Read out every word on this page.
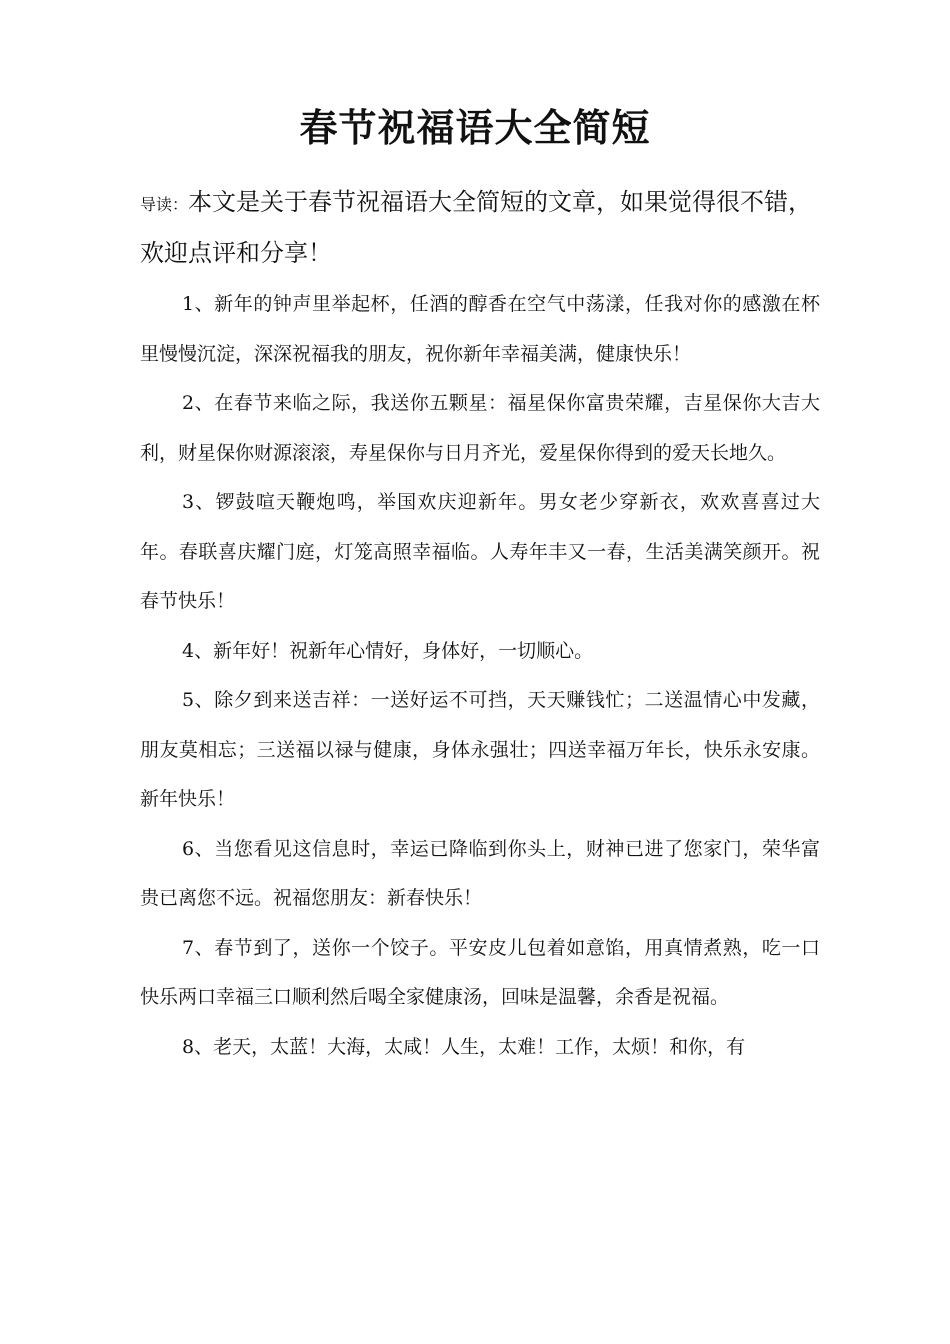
春节祝福语大全简短

导读：本文是关于春节祝福语大全简短的文章，如果觉得很不错，欢迎点评和分享！

1、新年的钟声里举起杯，任酒的醇香在空气中荡漾，任我对你的感激在杯里慢慢沉淀，深深祝福我的朋友，祝你新年幸福美满，健康快乐！

2、在春节来临之际，我送你五颗星：福星保你富贵荣耀，吉星保你大吉大利，财星保你财源滚滚，寿星保你与日月齐光，爱星保你得到的爱天长地久。

3、锣鼓喧天鞭炮鸣，举国欢庆迎新年。男女老少穿新衣，欢欢喜喜过大年。春联喜庆耀门庭，灯笼高照幸福临。人寿年丰又一春，生活美满笑颜开。祝春节快乐！

4、新年好！祝新年心情好，身体好，一切顺心。

5、除夕到来送吉祥：一送好运不可挡，天天赚钱忙；二送温情心中发藏，朋友莫相忘；三送福以禄与健康，身体永强壮；四送幸福万年长，快乐永安康。新年快乐！

6、当您看见这信息时，幸运已降临到你头上，财神已进了您家门，荣华富贵已离您不远。祝福您朋友：新春快乐！

7、春节到了，送你一个饺子。平安皮儿包着如意馅，用真情煮熟，吃一口快乐两口幸福三口顺利然后喝全家健康汤，回味是温馨，余香是祝福。

8、老天，太蓝！大海，太咸！人生，太难！工作，太烦！和你，有
